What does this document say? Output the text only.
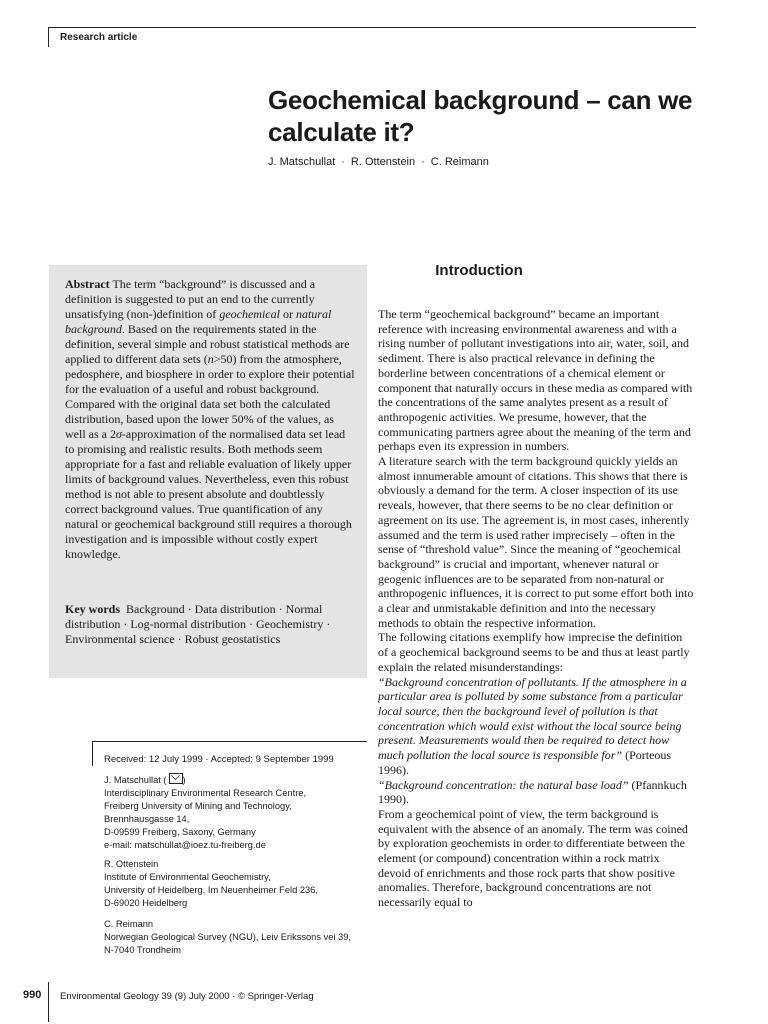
Research article
Geochemical background – can we calculate it?
J. Matschullat · R. Ottenstein · C. Reimann
Abstract The term “background” is discussed and a definition is suggested to put an end to the currently unsatisfying (non-)definition of geochemical or natural background. Based on the requirements stated in the definition, several simple and robust statistical methods are applied to different data sets (n>50) from the atmosphere, pedosphere, and biosphere in order to explore their potential for the evaluation of a useful and robust background. Compared with the original data set both the calculated distribution, based upon the lower 50% of the values, as well as a 2σ-approximation of the normalised data set lead to promising and realistic results. Both methods seem appropriate for a fast and reliable evaluation of likely upper limits of background values. Nevertheless, even this robust method is not able to present absolute and doubtlessly correct background values. True quantification of any natural or geochemical background still requires a thorough investigation and is impossible without costly expert knowledge.
Key words Background · Data distribution · Normal distribution · Log-normal distribution · Geochemistry · Environmental science · Robust geostatistics
Received: 12 July 1999 · Accepted: 9 September 1999
J. Matschullat ( )
Interdisciplinary Environmental Research Centre,
Freiberg University of Mining and Technology,
Brennhausgasse 14,
D-09599 Freiberg, Saxony, Germany
e-mail: matschullat@ioez.tu-freiberg.de
R. Ottenstein
Institute of Environmental Geochemistry,
University of Heidelberg, Im Neuenheimer Feld 236,
D-69020 Heidelberg
C. Reimann
Norwegian Geological Survey (NGU), Leiv Erikssons vei 39,
N-7040 Trondheim
Introduction

The term “geochemical background” became an important reference with increasing environmental awareness and with a rising number of pollutant investigations into air, water, soil, and sediment. There is also practical relevance in defining the borderline between concentrations of a chemical element or component that naturally occurs in these media as compared with the concentrations of the same analytes present as a result of anthropogenic activities. We presume, however, that the communicating partners agree about the meaning of the term and perhaps even its expression in numbers.

A literature search with the term background quickly yields an almost innumerable amount of citations. This shows that there is obviously a demand for the term. A closer inspection of its use reveals, however, that there seems to be no clear definition or agreement on its use. The agreement is, in most cases, inherently assumed and the term is used rather imprecisely – often in the sense of “threshold value”. Since the meaning of “geochemical background” is crucial and important, whenever natural or geogenic influences are to be separated from non-natural or anthropogenic influences, it is correct to put some effort both into a clear and unmistakable definition and into the necessary methods to obtain the respective information.

The following citations exemplify how imprecise the definition of a geochemical background seems to be and thus at least partly explain the related misunderstandings:

“Background concentration of pollutants. If the atmosphere in a particular area is polluted by some substance from a particular local source, then the background level of pollution is that concentration which would exist without the local source being present. Measurements would then be required to detect how much pollution the local source is responsible for” (Porteous 1996).

“Background concentration: the natural base load” (Pfannkuch 1990).

From a geochemical point of view, the term background is equivalent with the absence of an anomaly. The term was coined by exploration geochemists in order to differentiate between the element (or compound) concentration within a rock matrix devoid of enrichments and those rock parts that show positive anomalies. Therefore, background concentrations are not necessarily equal to

990 Environmental Geology 39 (9) July 2000 · © Springer-Verlag
